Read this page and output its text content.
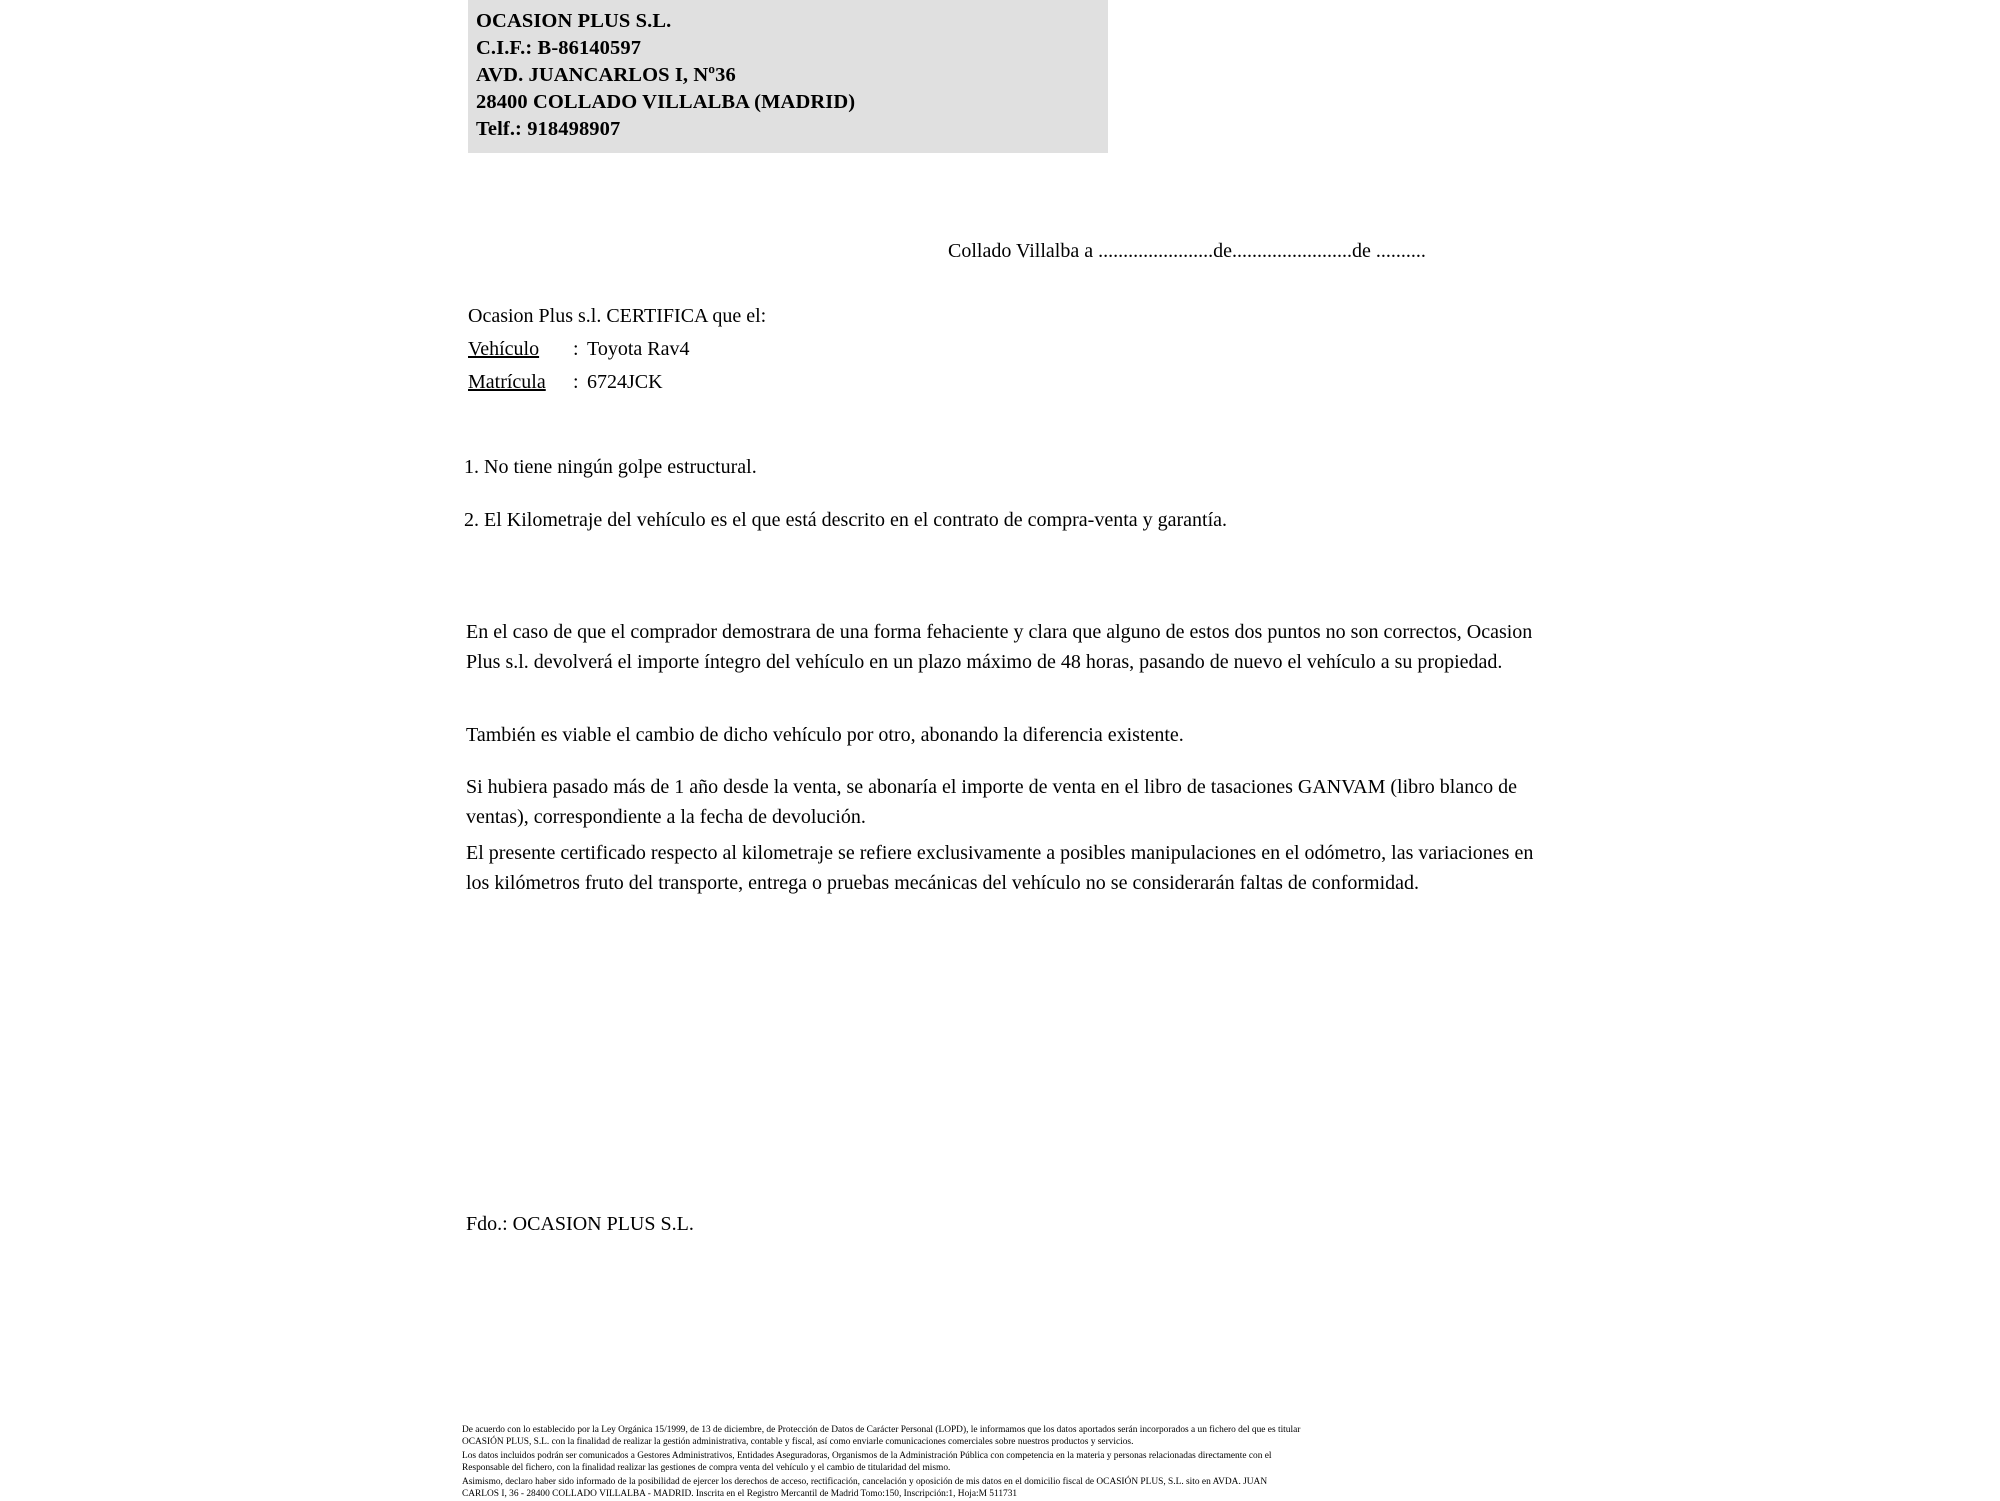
OCASION PLUS S.L.
C.I.F.: B-86140597
AVD. JUANCARLOS I, Nº36
28400 COLLADO VILLALBA (MADRID)
Telf.: 918498907
Collado Villalba a .......................de........................de ..........
Ocasion Plus s.l. CERTIFICA que el:
Vehículo : Toyota Rav4
Matrícula : 6724JCK
1. No tiene ningún golpe estructural.
2. El Kilometraje del vehículo es el que está descrito en el contrato de compra-venta y garantía.
En el caso de que el comprador demostrara de una forma fehaciente y clara que alguno de estos dos puntos no son correctos, Ocasion Plus s.l. devolverá el importe íntegro del vehículo en un plazo máximo de 48 horas, pasando de nuevo el vehículo a su propiedad.
También es viable el cambio de dicho vehículo por otro, abonando la diferencia existente.
Si hubiera pasado más de 1 año desde la venta, se abonaría el importe de venta en el libro de tasaciones GANVAM (libro blanco de ventas), correspondiente a la fecha de devolución.
El presente certificado respecto al kilometraje se refiere exclusivamente a posibles manipulaciones en el odómetro, las variaciones en los kilómetros fruto del transporte, entrega o pruebas mecánicas del vehículo no se considerarán faltas de conformidad.
Fdo.: OCASION PLUS S.L.

De acuerdo con lo establecido por la Ley Orgánica 15/1999, de 13 de diciembre, de Protección de Datos de Carácter Personal (LOPD), le informamos que los datos aportados serán incorporados a un fichero del que es titular

OCASIÓN PLUS, S.L. con la finalidad de realizar la gestión administrativa, contable y fiscal, así como enviarle comunicaciones comerciales sobre nuestros productos y servicios.

Los datos incluidos podrán ser comunicados a Gestores Administrativos, Entidades Aseguradoras, Organismos de la Administración Pública con competencia en la materia y personas relacionadas directamente con el

Responsable del fichero, con la finalidad realizar las gestiones de compra venta del vehículo y el cambio de titularidad del mismo.

Asimismo, declaro haber sido informado de la posibilidad de ejercer los derechos de acceso, rectificación, cancelación y oposición de mis datos en el domicilio fiscal de OCASIÓN PLUS, S.L. sito en AVDA. JUAN

CARLOS I, 36 - 28400 COLLADO VILLALBA - MADRID. Inscrita en el Registro Mercantil de Madrid Tomo:150, Inscripción:1, Hoja:M 511731
